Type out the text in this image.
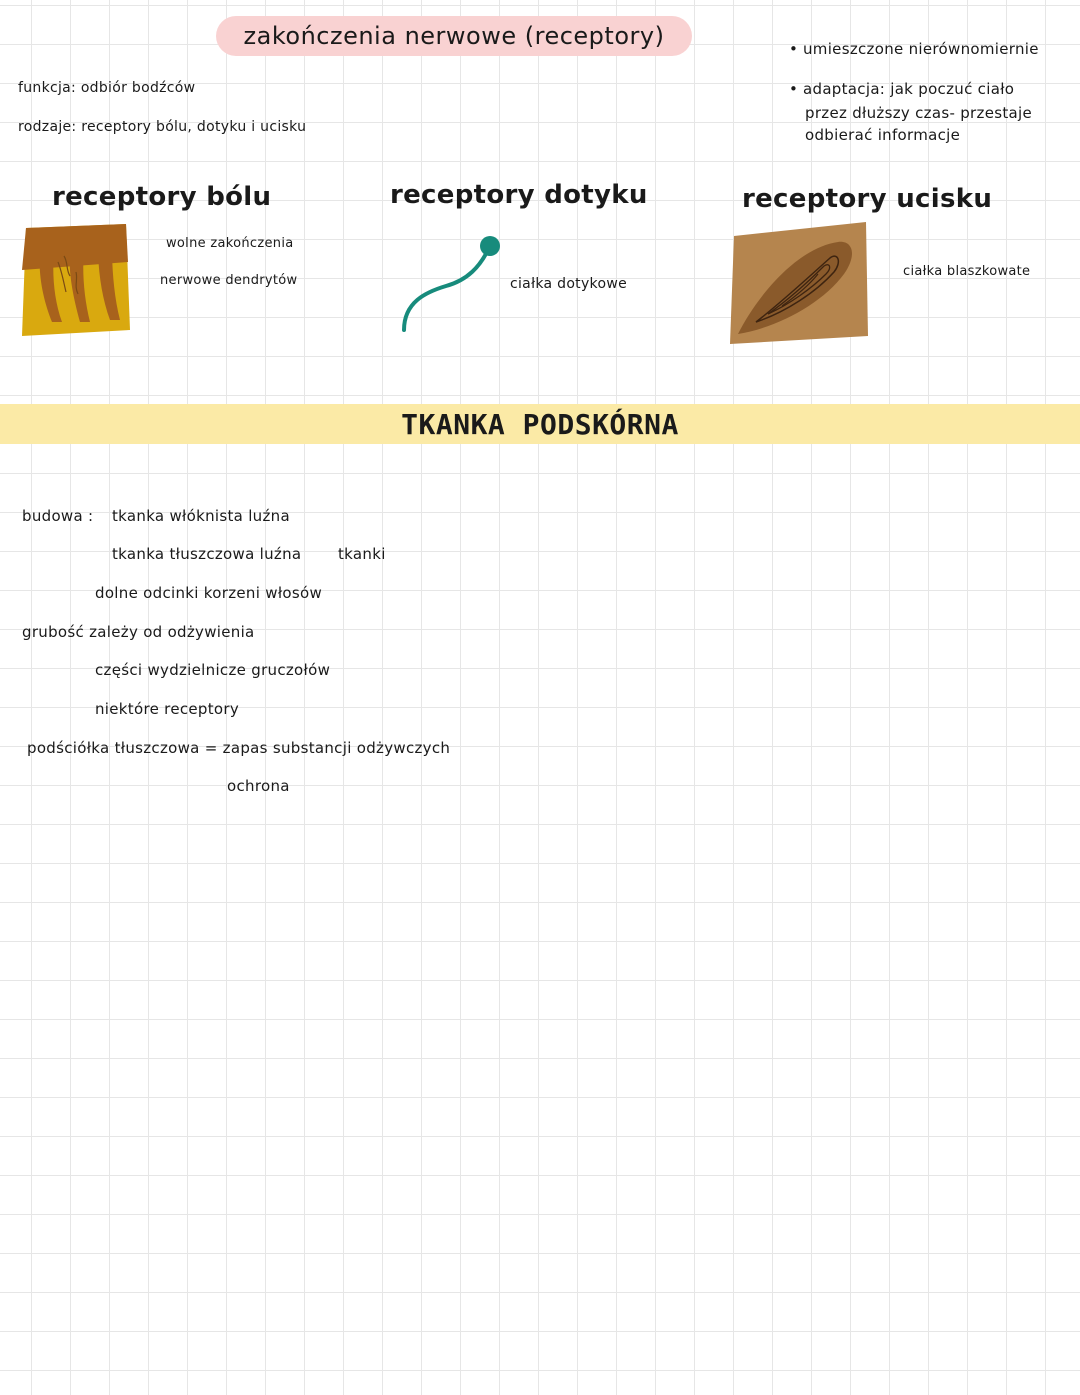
zakończenia nerwowe (receptory)
funkcja: odbiór bodźców
rodzaje: receptory bólu, dotyku i ucisku
• umieszczone nierównomiernie
• adaptacja: jak poczuć ciało
przez dłuższy czas- przestaje
odbierać informacje
receptory bólu	receptory dotyku	receptory ucisku
wolne zakończenia
nerwowe dendrytów	ciałka dotykowe
ciałka blaszkowate
TKANKA PODSKÓRNA
budowa : tkanka włóknista luźna
tkanka tłuszczowa luźna tkanki
dolne odcinki korzeni włosów
grubość zależy od odżywienia
części wydzielnicze gruczołów
niektóre receptory
podściółka tłuszczowa = zapas substancji odżywczych
ochrona
